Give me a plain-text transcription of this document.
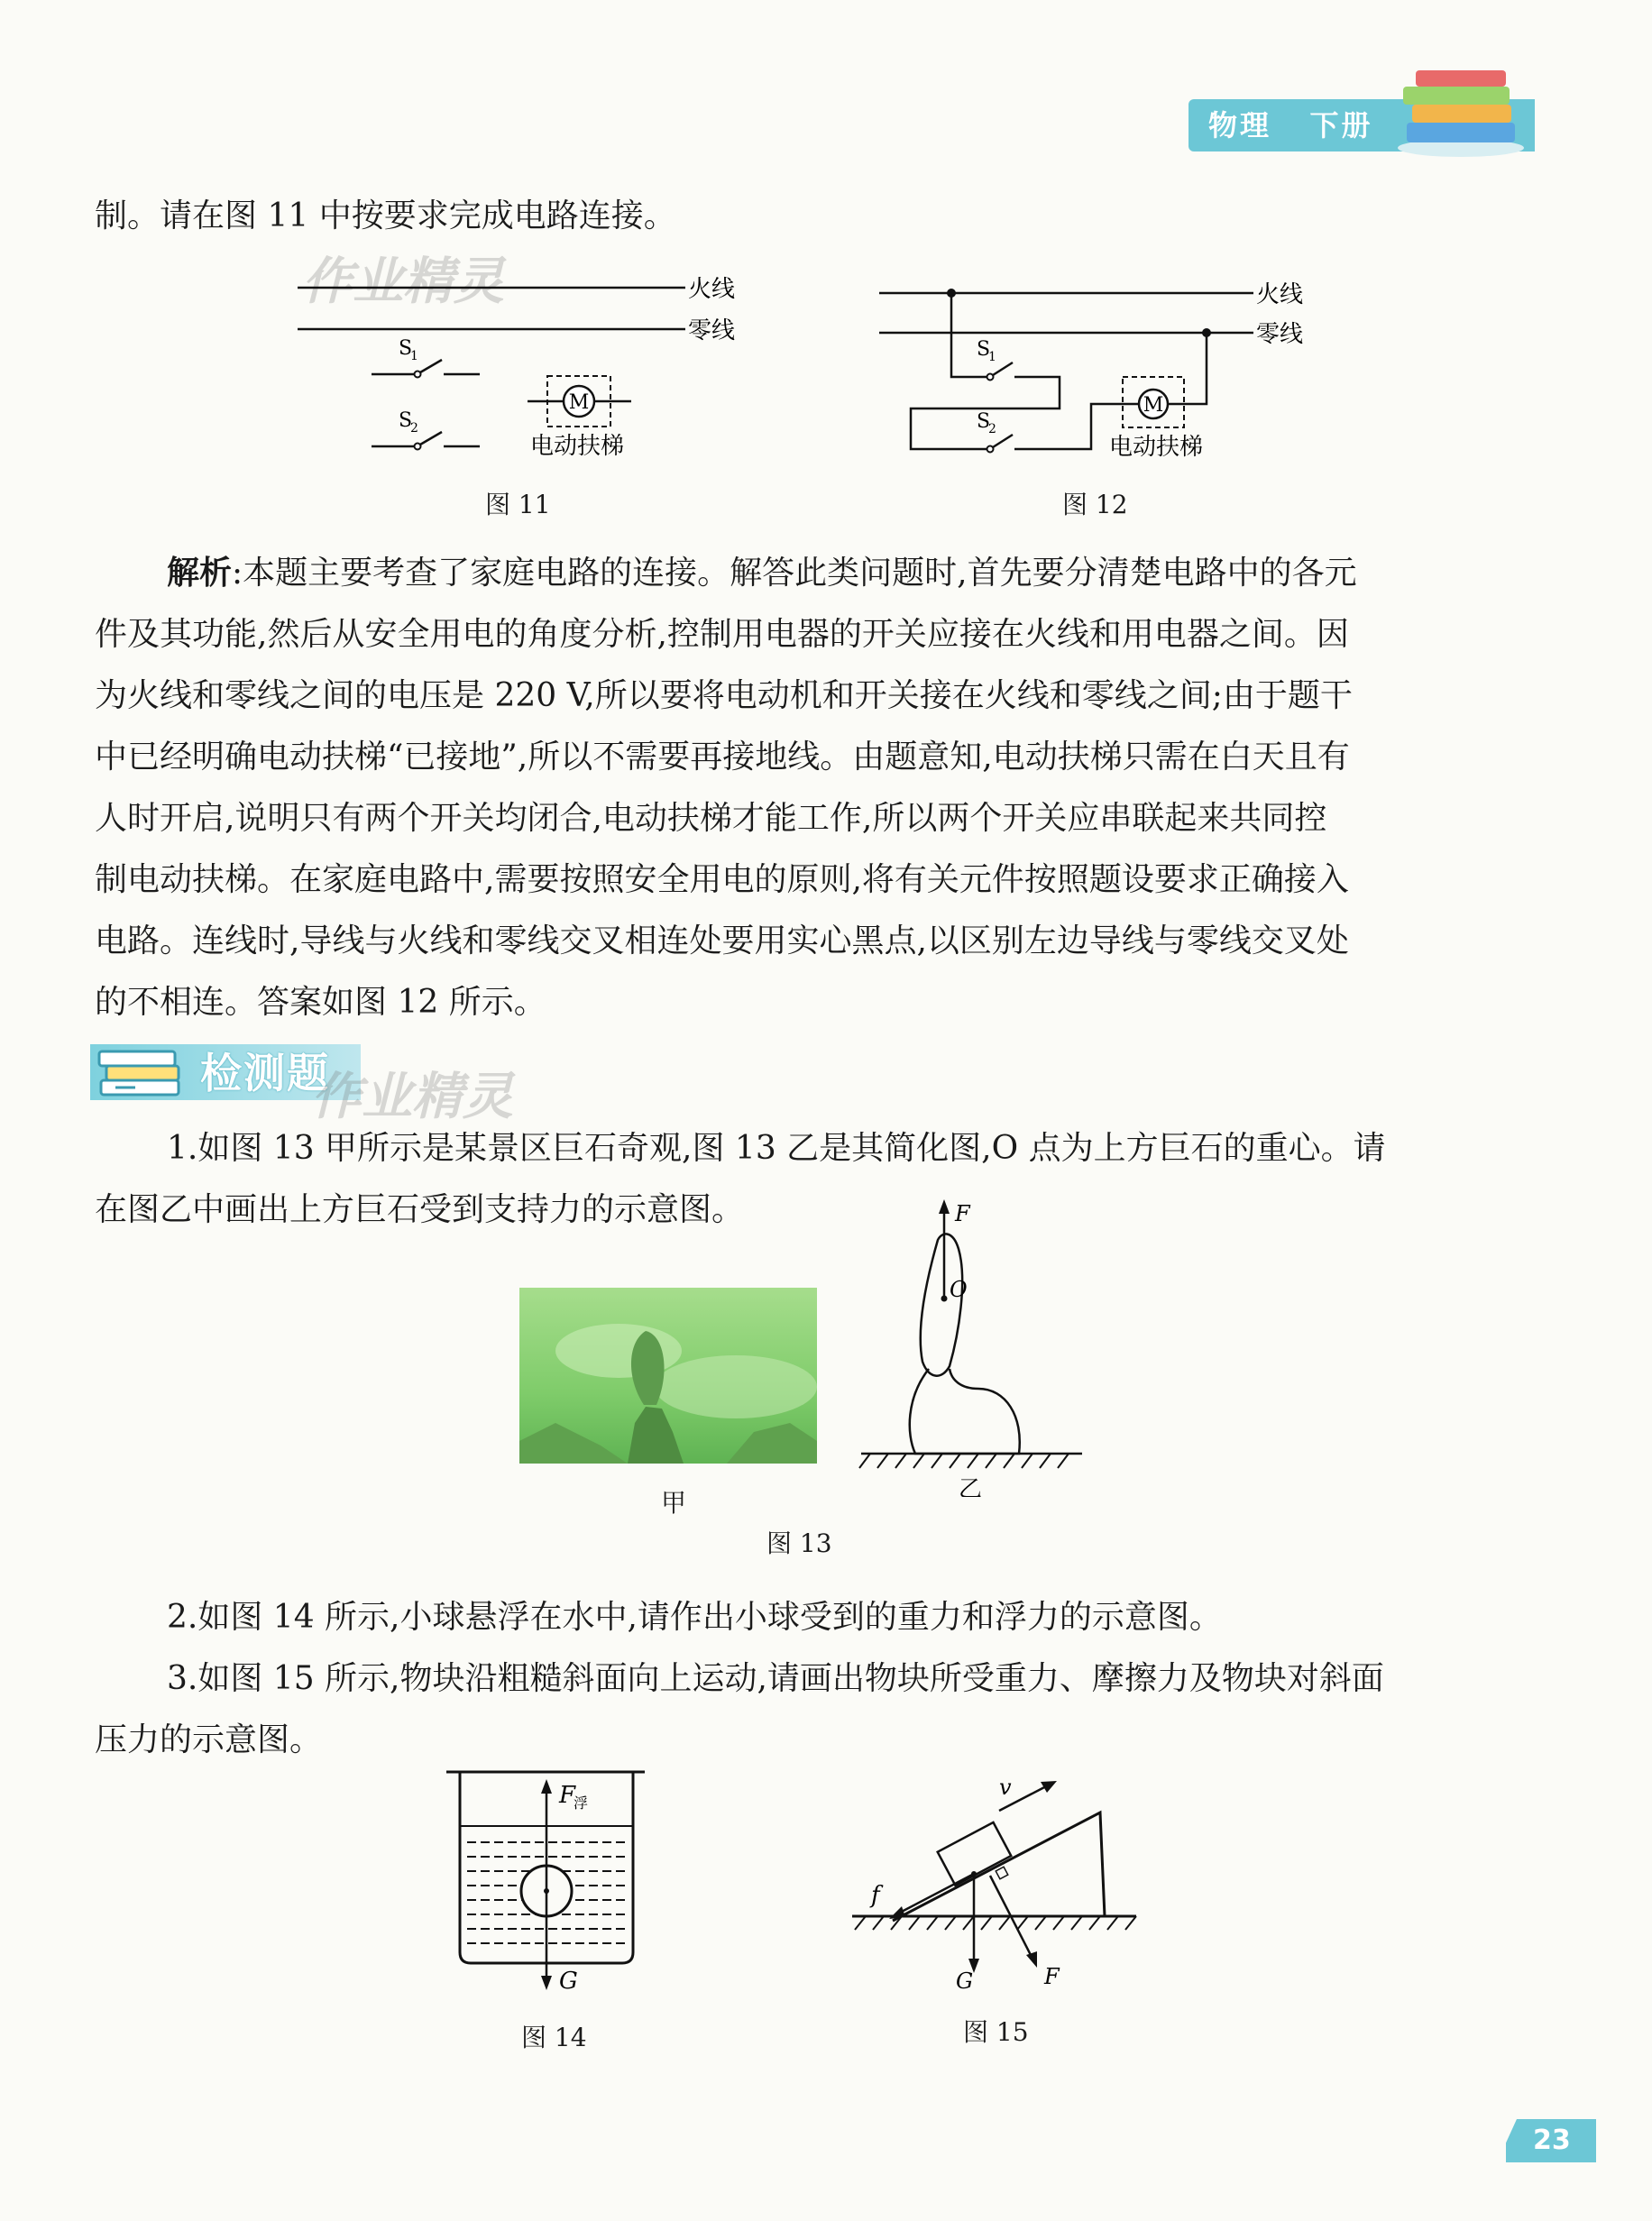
物理 下册
作业精灵
制。请在图 11 中按要求完成电路连接。
火线
零线
S
1
S
2
M
电动扶梯
图 11
火线
零线
S
1
S
2
M
电动扶梯
图 12
解析:本题主要考查了家庭电路的连接。解答此类问题时,首先要分清楚电路中的各元
件及其功能,然后从安全用电的角度分析,控制用电器的开关应接在火线和用电器之间。因
为火线和零线之间的电压是 220 V,所以要将电动机和开关接在火线和零线之间;由于题干
中已经明确电动扶梯“已接地”,所以不需要再接地线。由题意知,电动扶梯只需在白天且有
人时开启,说明只有两个开关均闭合,电动扶梯才能工作,所以两个开关应串联起来共同控
制电动扶梯。在家庭电路中,需要按照安全用电的原则,将有关元件按照题设要求正确接入
电路。连线时,导线与火线和零线交叉相连处要用实心黑点,以区别左边导线与零线交叉处
的不相连。答案如图 12 所示。
检测题
作业精灵
1.如图 13 甲所示是某景区巨石奇观,图 13 乙是其简化图,O 点为上方巨石的重心。请
在图乙中画出上方巨石受到支持力的示意图。
甲
F
O
乙
图 13
2.如图 14 所示,小球悬浮在水中,请作出小球受到的重力和浮力的示意图。
3.如图 15 所示,物块沿粗糙斜面向上运动,请画出物块所受重力、摩擦力及物块对斜面
压力的示意图。
F
浮
G
图 14
v
f
G	F
图 15
23
